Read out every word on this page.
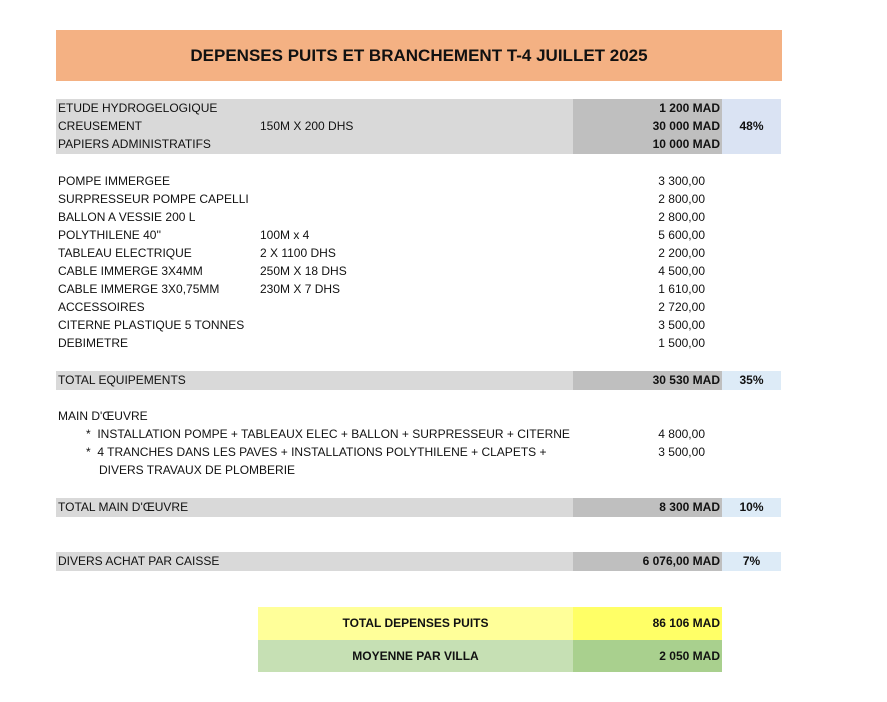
DEPENSES PUITS ET BRANCHEMENT T-4 JUILLET 2025
ETUDE HYDROGELOGIQUE	1 200 MAD
CREUSEMENT	150M X 200 DHS	30 000 MAD	48%
PAPIERS ADMINISTRATIFS	10 000 MAD
POMPE IMMERGEE	3 300,00
SURPRESSEUR POMPE CAPELLI	2 800,00
BALLON A VESSIE 200 L	2 800,00
POLYTHILENE 40''	100M x 4	5 600,00
TABLEAU ELECTRIQUE	2 X 1100 DHS	2 200,00
CABLE IMMERGE 3X4MM	250M X 18 DHS	4 500,00
CABLE IMMERGE 3X0,75MM	230M X 7 DHS	1 610,00
ACCESSOIRES	2 720,00
CITERNE PLASTIQUE 5 TONNES	3 500,00
DEBIMETRE	1 500,00
TOTAL EQUIPEMENTS	30 530 MAD	35%
MAIN D'ŒUVRE
* INSTALLATION POMPE + TABLEAUX ELEC + BALLON + SURPRESSEUR + CITERNE	4 800,00
* 4 TRANCHES DANS LES PAVES + INSTALLATIONS POLYTHILENE + CLAPETS +	3 500,00
DIVERS TRAVAUX DE PLOMBERIE
TOTAL MAIN D'ŒUVRE	8 300 MAD	10%
DIVERS ACHAT PAR CAISSE	6 076,00 MAD	7%
TOTAL DEPENSES PUITS	86 106 MAD
MOYENNE PAR VILLA	2 050 MAD
